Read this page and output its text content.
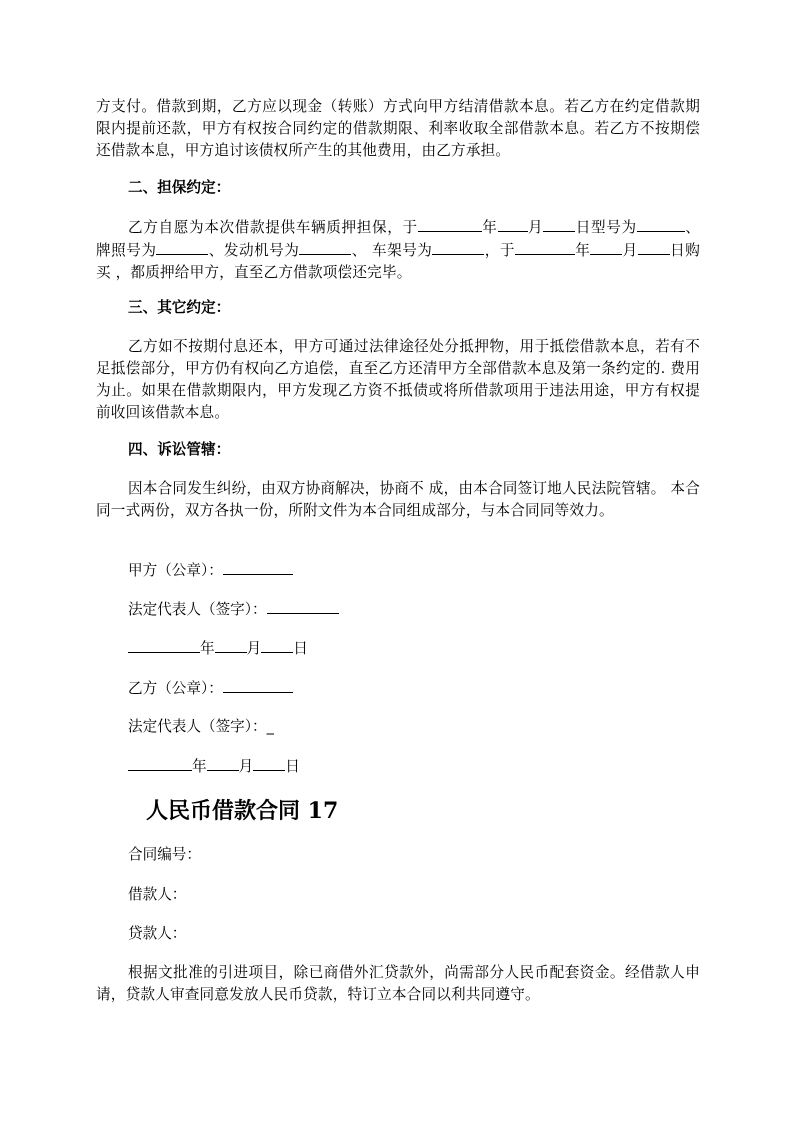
方支付。借款到期，乙方应以现金（转账）方式向甲方结清借款本息。若乙方在约定借款期限内提前还款，甲方有权按合同约定的借款期限、利率收取全部借款本息。若乙方不按期偿还借款本息，甲方追讨该债权所产生的其他费用，由乙方承担。

二、担保约定：

乙方自愿为本次借款提供车辆质押担保，于	年 月 日型号为	、牌照号为	、发动机号为	、 车架号为	，于	年 月 日购买 ，都质押给甲方，直至乙方借款项偿还完毕。

三、其它约定：

乙方如不按期付息还本，甲方可通过法律途径处分抵押物，用于抵偿借款本息，若有不足抵偿部分，甲方仍有权向乙方追偿，直至乙方还清甲方全部借款本息及第一条约定的. 费用为止。如果在借款期限内，甲方发现乙方资不抵债或将所借款项用于违法用途，甲方有权提前收回该借款本息。

四、诉讼管辖：

因本合同发生纠纷，由双方协商解决，协商不 成，由本合同签订地人民法院管辖。 本合同一式两份，双方各执一份，所附文件为本合同组成部分，与本合同同等效力。

甲方（公章）：

法定代表人（签字）：

年 月 日

乙方（公章）：

法定代表人（签字）：_

年 月 日

人民币借款合同 17

合同编号：

借款人：

贷款人：

根据文批准的引进项目，除已商借外汇贷款外，尚需部分人民币配套资金。经借款人申请，贷款人审查同意发放人民币贷款，特订立本合同以利共同遵守。
